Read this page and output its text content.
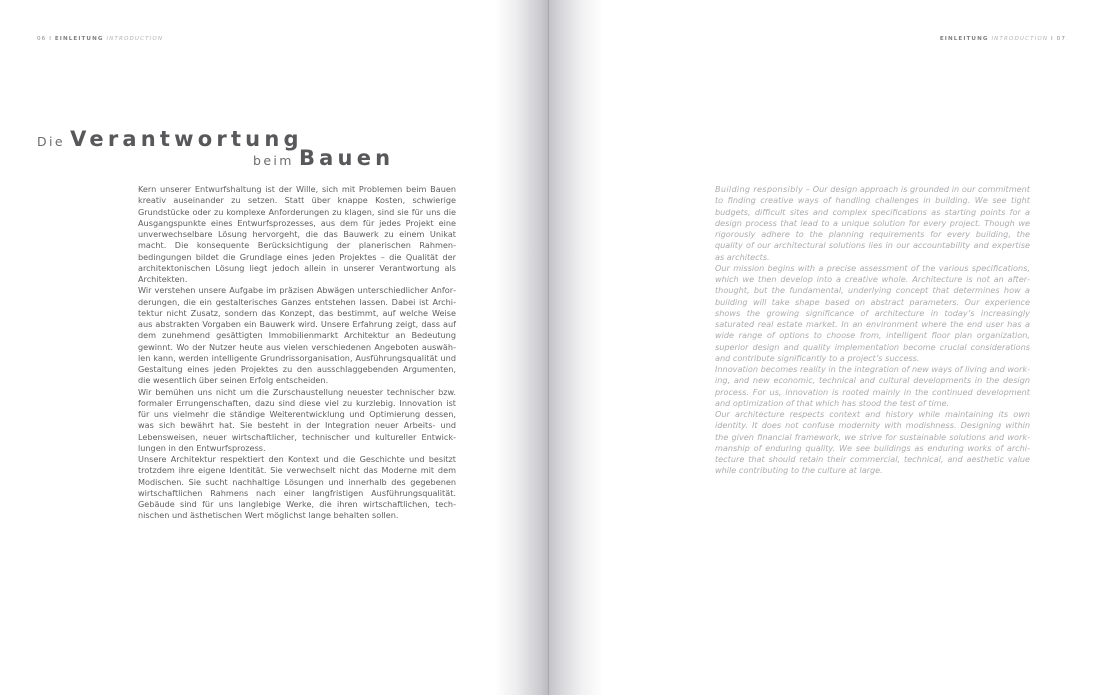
06 I EINLEITUNG INTRODUCTION
Die Verantwortung
beim Bauen

Kern unserer Entwurfshaltung ist der Wille, sich mit Problemen beim Bauen kreativ auseinander zu setzen. Statt über knappe Kosten, schwierige Grundstücke oder zu komplexe Anforderungen zu klagen, sind sie für uns die Ausgangspunkte eines Entwurfsprozesses, aus dem für jedes Projekt eine unverwechselbare Lösung hervorgeht, die das Bauwerk zu einem Unikat macht. Die konsequente Berücksichtigung der planerischen Rahmenbedingungen bildet die Grundlage eines jeden Projektes – die Qualität der architektonischen Lösung liegt jedoch allein in unserer Verantwortung als Architekten.

Wir verstehen unsere Aufgabe im präzisen Abwägen unterschiedlicher Anforderungen, die ein gestalterisches Ganzes entstehen lassen. Dabei ist Architektur nicht Zusatz, sondern das Konzept, das bestimmt, auf welche Weise aus abstrakten Vorgaben ein Bauwerk wird. Unsere Erfahrung zeigt, dass auf dem zunehmend gesättigten Immobilienmarkt Architektur an Bedeutung gewinnt. Wo der Nutzer heute aus vielen verschiedenen Angeboten auswählen kann, werden intelligente Grundrissorganisation, Ausführungsqualität und Gestaltung eines jeden Projektes zu den ausschlaggebenden Argumenten, die wesentlich über seinen Erfolg entscheiden.

Wir bemühen uns nicht um die Zurschaustellung neuester technischer bzw. formaler Errungenschaften, dazu sind diese viel zu kurzlebig. Innovation ist für uns vielmehr die ständige Weiterentwicklung und Optimierung dessen, was sich bewährt hat. Sie besteht in der Integration neuer Arbeits- und Lebensweisen, neuer wirtschaftlicher, technischer und kultureller Entwicklungen in den Entwurfsprozess.

Unsere Architektur respektiert den Kontext und die Geschichte und besitzt trotzdem ihre eigene Identität. Sie verwechselt nicht das Moderne mit dem Modischen. Sie sucht nachhaltige Lösungen und innerhalb des gegebenen wirtschaftlichen Rahmens nach einer langfristigen Ausführungsqualität. Gebäude sind für uns langlebige Werke, die ihren wirtschaftlichen, technischen und ästhetischen Wert möglichst lange behalten sollen.

EINLEITUNG INTRODUCTION I 07

Building responsibly – Our design approach is grounded in our commitment to finding creative ways of handling challenges in building. We see tight budgets, difficult sites and complex specifications as starting points for a design process that lead to a unique solution for every project. Though we rigorously adhere to the planning requirements for every building, the quality of our architectural solutions lies in our accountability and expertise as architects.

Our mission begins with a precise assessment of the various specifications, which we then develop into a creative whole. Architecture is not an afterthought, but the fundamental, underlying concept that determines how a building will take shape based on abstract parameters. Our experience shows the growing significance of architecture in today’s increasingly saturated real estate market. In an environment where the end user has a wide range of options to choose from, intelligent floor plan organization, superior design and quality implementation become crucial considerations and contribute significantly to a project’s success.

Innovation becomes reality in the integration of new ways of living and working, and new economic, technical and cultural developments in the design process. For us, innovation is rooted mainly in the continued development and optimization of that which has stood the test of time.

Our architecture respects context and history while maintaining its own identity. It does not confuse modernity with modishness. Designing within the given financial framework, we strive for sustainable solutions and workmanship of enduring quality. We see buildings as enduring works of architecture that should retain their commercial, technical, and aesthetic value while contributing to the culture at large.
